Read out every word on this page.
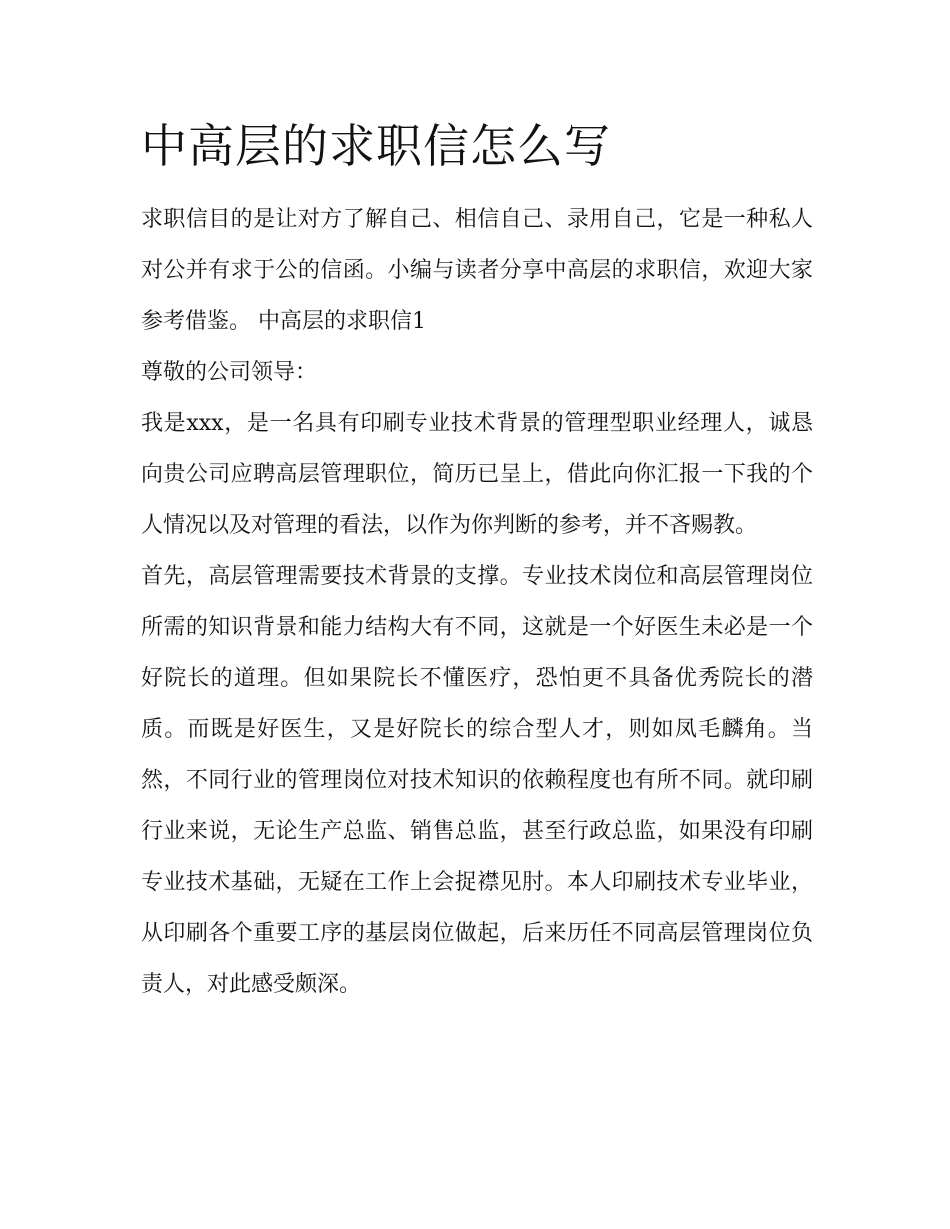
中高层的求职信怎么写

求职信目的是让对方了解自己、相信自己、录用自己，它是一种私人对公并有求于公的信函。小编与读者分享中高层的求职信，欢迎大家参考借鉴。 中高层的求职信1

尊敬的公司领导：

我是xxx，是一名具有印刷专业技术背景的管理型职业经理人，诚恳向贵公司应聘高层管理职位，简历已呈上，借此向你汇报一下我的个人情况以及对管理的看法，以作为你判断的参考，并不吝赐教。

首先，高层管理需要技术背景的支撑。专业技术岗位和高层管理岗位所需的知识背景和能力结构大有不同，这就是一个好医生未必是一个好院长的道理。但如果院长不懂医疗，恐怕更不具备优秀院长的潜质。而既是好医生，又是好院长的综合型人才，则如凤毛麟角。当然，不同行业的管理岗位对技术知识的依赖程度也有所不同。就印刷行业来说，无论生产总监、销售总监，甚至行政总监，如果没有印刷专业技术基础，无疑在工作上会捉襟见肘。本人印刷技术专业毕业，从印刷各个重要工序的基层岗位做起，后来历任不同高层管理岗位负责人，对此感受颇深。
